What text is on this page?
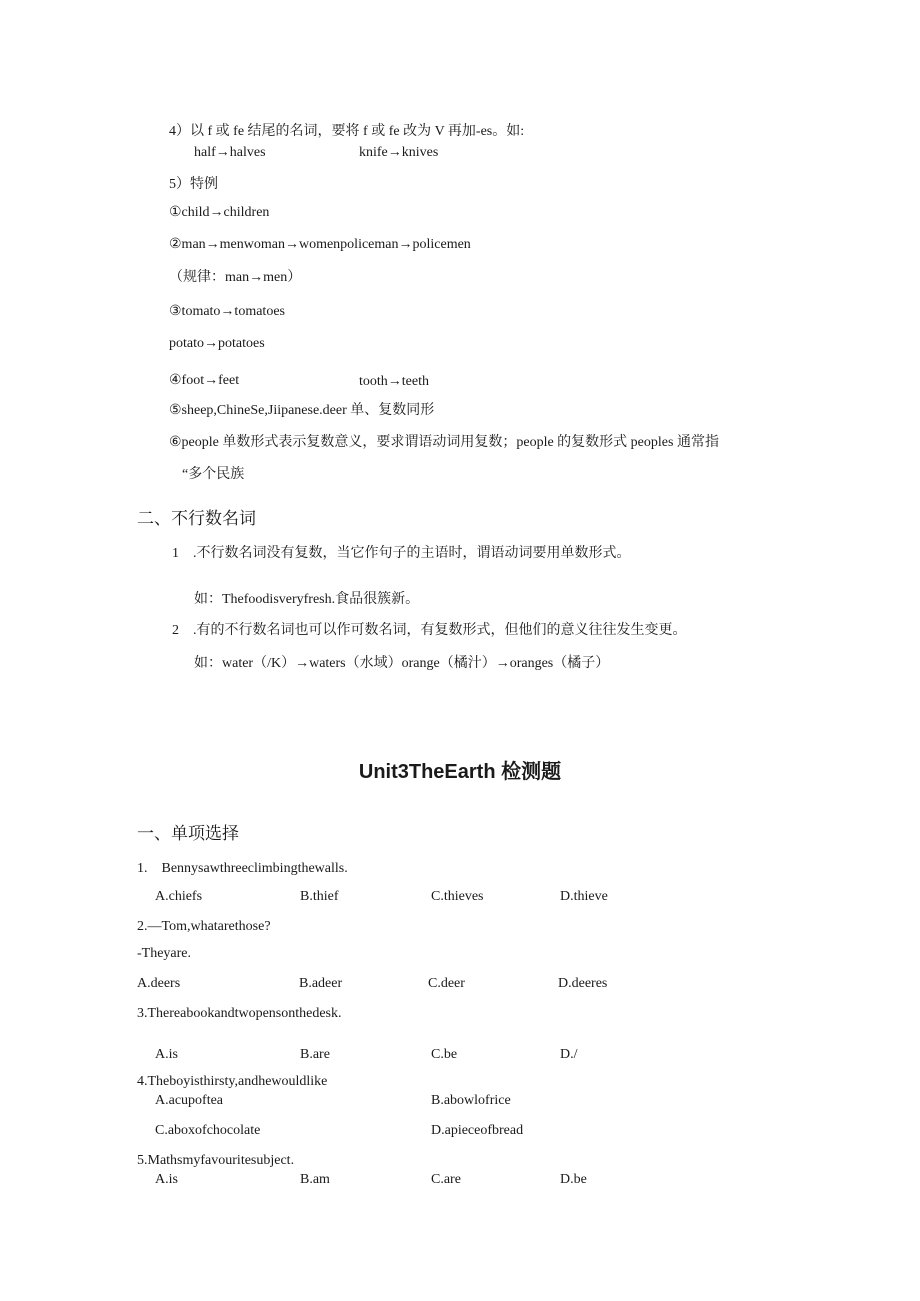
4）以 f 或 fe 结尾的名词，要将 f 或 fe 改为 V 再加-es。如:
half→halves	knife→knives
5）特例
①child→children
②man→menwoman→womenpoliceman→policemen
（规律：man→men）
③tomato→tomatoes
potato→potatoes
④foot→feet	tooth→teeth
⑤sheep,ChineSe,Jiipanese.deer 单、复数同形
⑥people 单数形式表示复数意义，要求谓语动词用复数；people 的复数形式 peoples 通常指
“多个民族
二、不行数名词
1　.不行数名词没有复数，当它作句子的主语时，谓语动词要用单数形式。
如：Thefoodisveryfresh.食品很簇新。
2　.有的不行数名词也可以作可数名词，有复数形式，但他们的意义往往发生变更。
如：water（/K）→waters（水域）orange（橘汁）→oranges（橘子）
Unit3TheEarth 检测题
一、单项选择
1.　Bennysawthreeclimbingthewalls.
A.chiefs	B.thief	C.thieves	D.thieve
2.—Tom,whatarethose?
-Theyare.
A.deers	B.adeer	C.deer	D.deeres
3.Thereabookandtwopensonthedesk.
A.is	B.are	C.be	D./
4.Theboyisthirsty,andhewouldlike
A.acupoftea	B.abowlofrice
C.aboxofchocolate	D.apieceofbread
5.Mathsmyfavouritesubject.
A.is	B.am	C.are	D.be
